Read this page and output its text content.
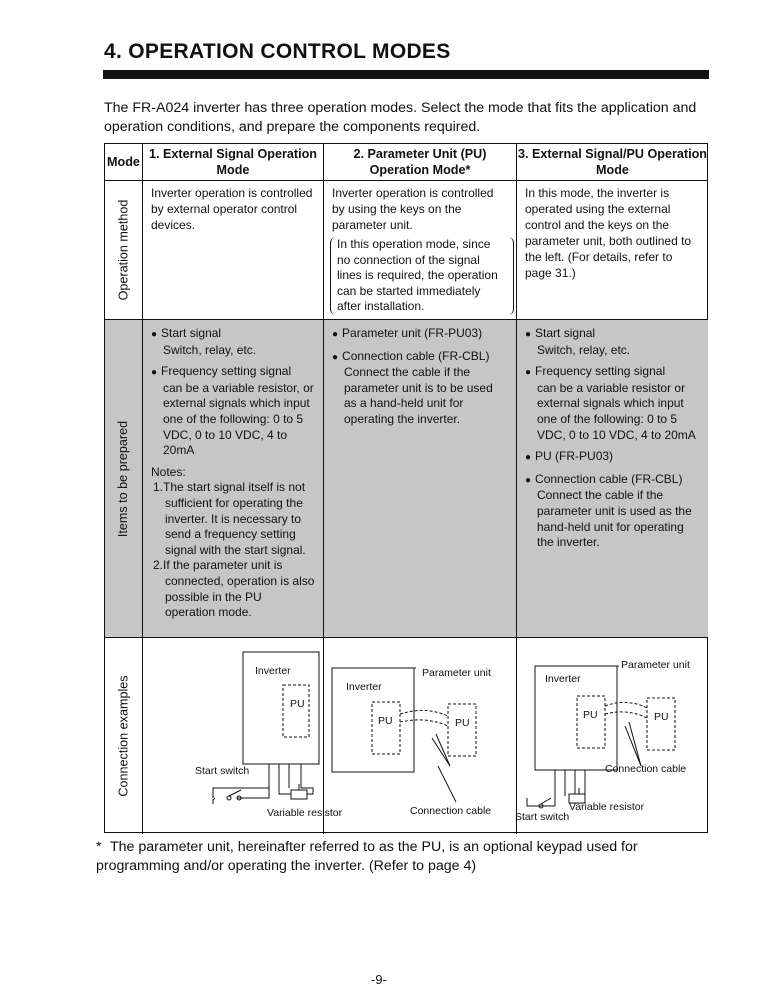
4. OPERATION CONTROL MODES

The FR-A024 inverter has three operation modes. Select the mode that fits the application and operation conditions, and prepare the components required.

Mode
1. External Signal Operation Mode
2. Parameter Unit (PU) Operation Mode*
3. External Signal/PU Operation Mode
Operation method

Inverter operation is controlled by external operator control devices.

Inverter operation is controlled by using the keys on the parameter unit.

In this operation mode, since no connection of the signal lines is required, the operation can be started immediately after installation.

In this mode, the inverter is operated using the external control and the keys on the parameter unit, both outlined to the left. (For details, refer to page 31.)

Items to be prepared
● Start signal
Switch, relay, etc.
● Frequency setting signal
can be a variable resistor, or external signals which input one of the following: 0 to 5 VDC, 0 to 10 VDC, 4 to 20mA
Notes:
1.The start signal itself is not sufficient for operating the inverter. It is necessary to send a frequency setting signal with the start signal.
2.If the parameter unit is connected, operation is also possible in the PU operation mode.
● Parameter unit (FR-PU03)
● Connection cable (FR-CBL)
Connect the cable if the parameter unit is to be used as a hand-held unit for operating the inverter.
● Start signal
Switch, relay, etc.
● Frequency setting signal
can be a variable resistor or external signals which input one of the following: 0 to 5 VDC, 0 to 10 VDC, 4 to 20mA
● PU (FR-PU03)
● Connection cable (FR-CBL)
Connect the cable if the parameter unit is used as the hand-held unit for operating the inverter.
Connection examples
Inverter
PU
Start switch
Variable resistor
Inverter
PU
Parameter unit
PU
Connection cable
Inverter
Parameter unit
PU	PU
Connection cable
Variable resistor
Start switch

* The parameter unit, hereinafter referred to as the PU, is an optional keypad used for programming and/or operating the inverter. (Refer to page 4)

-9-
